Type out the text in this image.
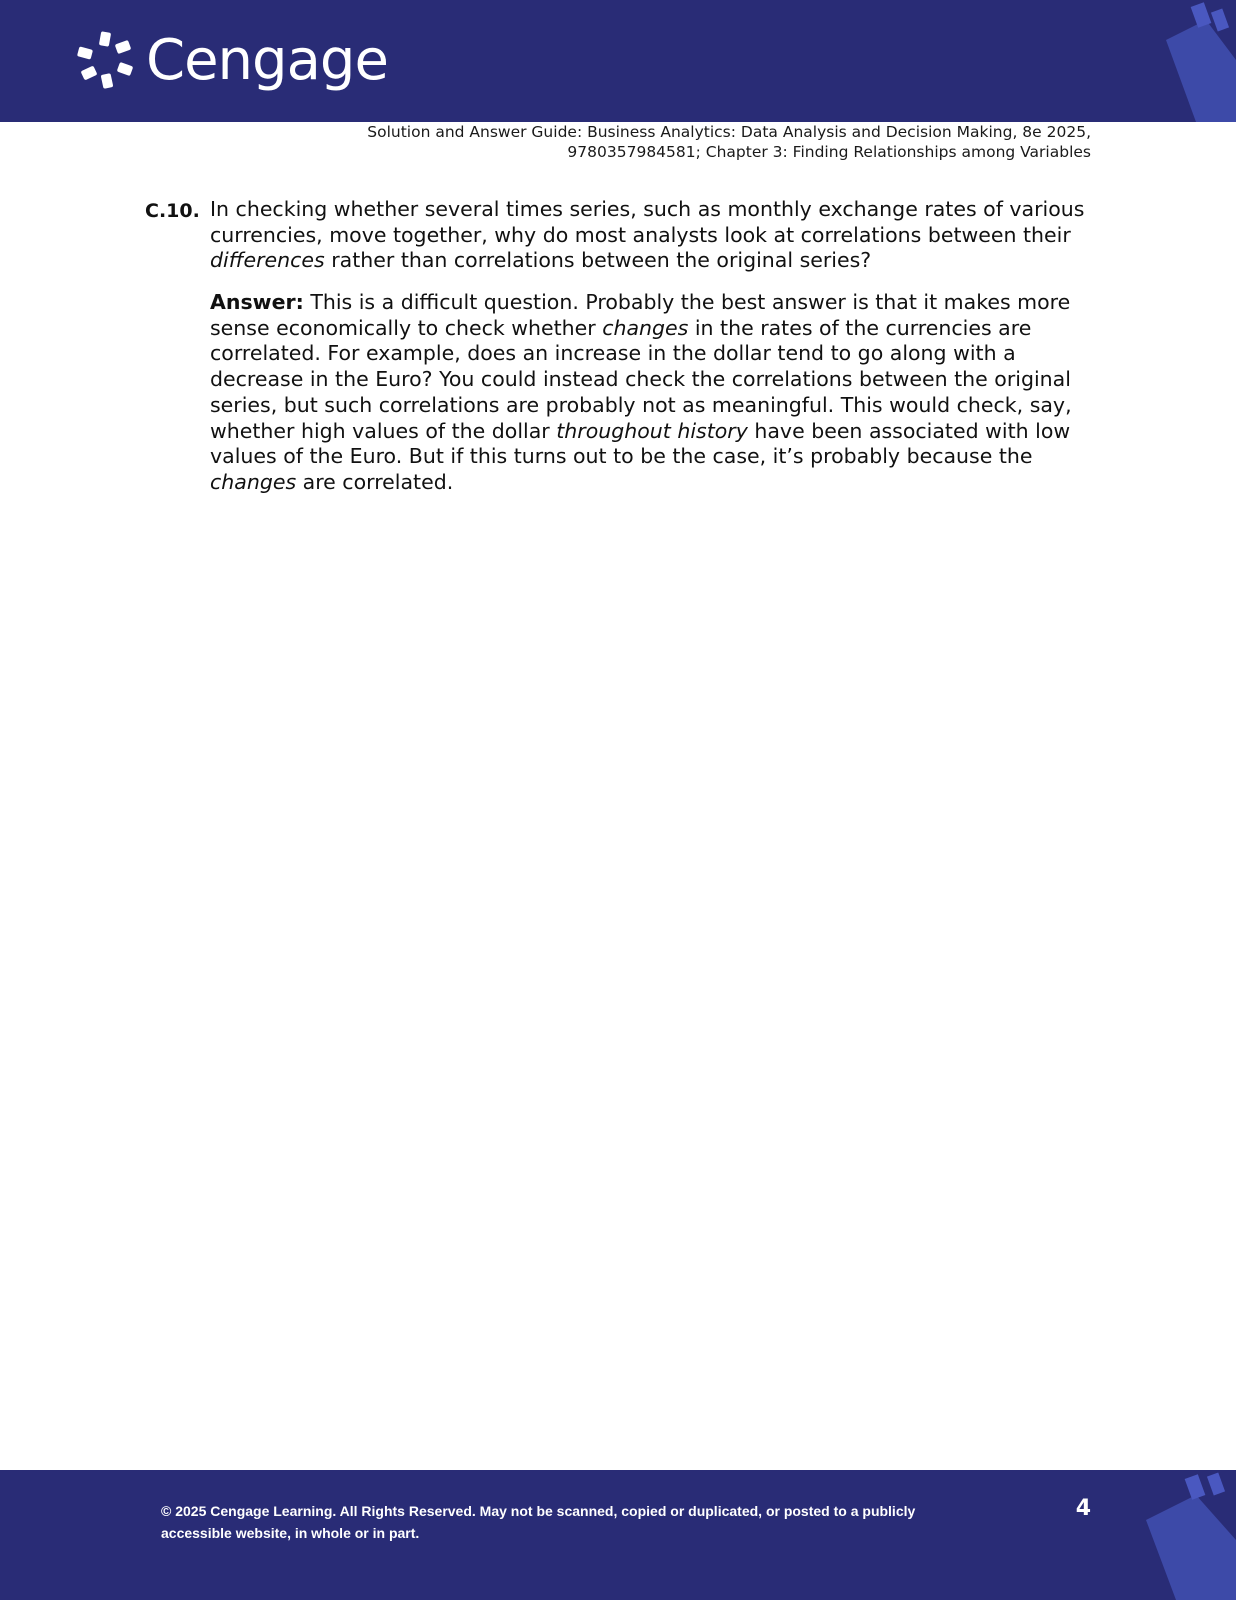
Cengage
Solution and Answer Guide: Business Analytics: Data Analysis and Decision Making, 8e 2025,
9780357984581; Chapter 3: Finding Relationships among Variables
C.10. In checking whether several times series, such as monthly exchange rates of various currencies, move together, why do most analysts look at correlations between their differences rather than correlations between the original series?
Answer: This is a difficult question. Probably the best answer is that it makes more sense economically to check whether changes in the rates of the currencies are correlated. For example, does an increase in the dollar tend to go along with a decrease in the Euro? You could instead check the correlations between the original series, but such correlations are probably not as meaningful. This would check, say, whether high values of the dollar throughout history have been associated with low values of the Euro. But if this turns out to be the case, it’s probably because the changes are correlated.
© 2025 Cengage Learning. All Rights Reserved. May not be scanned, copied or duplicated, or posted to a publicly accessible website, in whole or in part.
4
